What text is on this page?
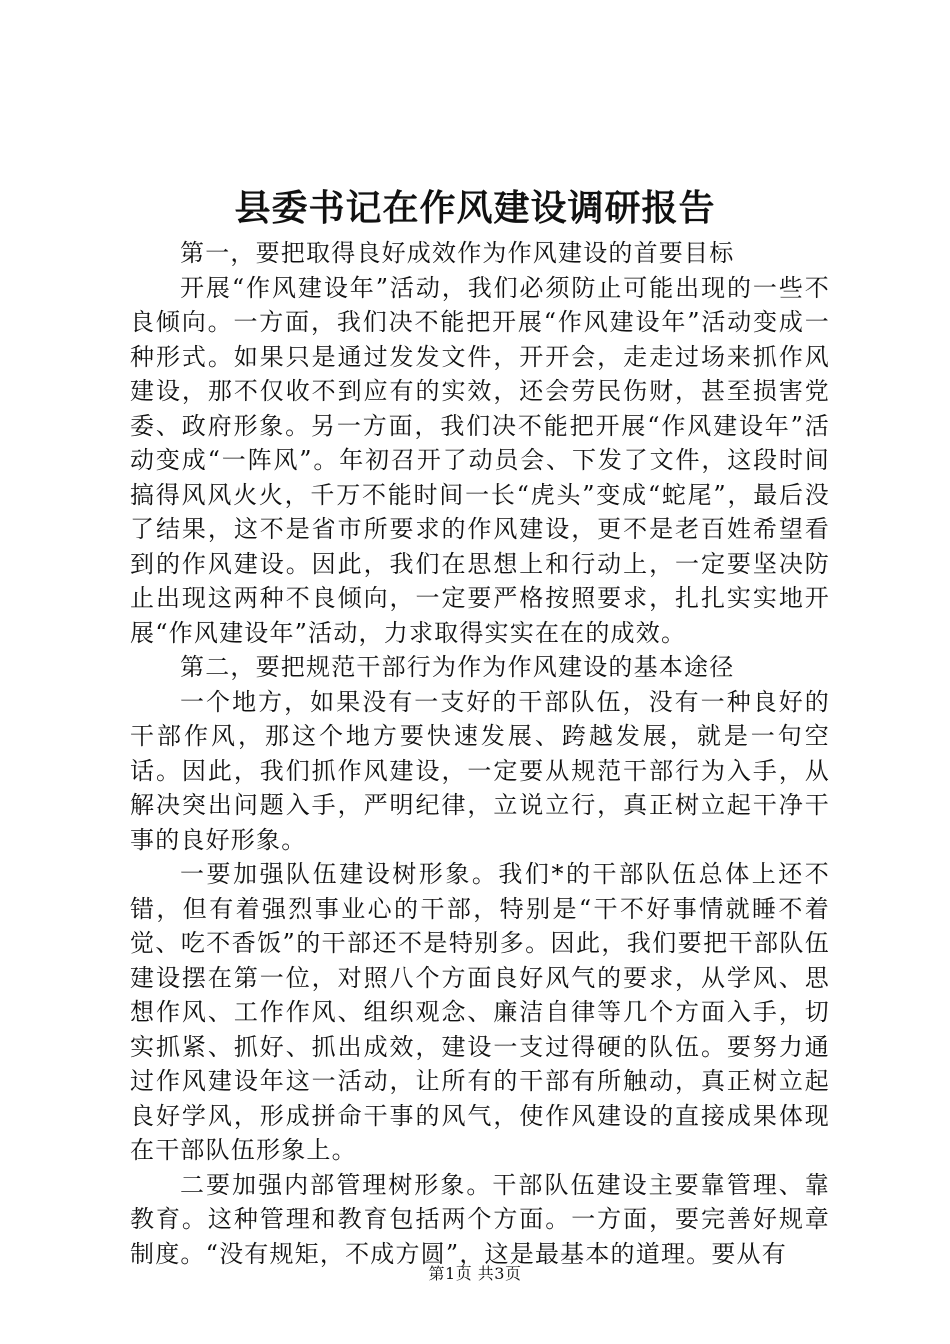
县委书记在作风建设调研报告

第一，要把取得良好成效作为作风建设的首要目标

开展“作风建设年”活动，我们必须防止可能出现的一些不良倾向。一方面，我们决不能把开展“作风建设年”活动变成一种形式。如果只是通过发发文件，开开会，走走过场来抓作风建设，那不仅收不到应有的实效，还会劳民伤财，甚至损害党委、政府形象。另一方面，我们决不能把开展“作风建设年”活动变成“一阵风”。年初召开了动员会、下发了文件，这段时间搞得风风火火，千万不能时间一长“虎头”变成“蛇尾”，最后没了结果，这不是省市所要求的作风建设，更不是老百姓希望看到的作风建设。因此，我们在思想上和行动上，一定要坚决防止出现这两种不良倾向，一定要严格按照要求，扎扎实实地开展“作风建设年”活动，力求取得实实在在的成效。

第二，要把规范干部行为作为作风建设的基本途径

一个地方，如果没有一支好的干部队伍，没有一种良好的干部作风，那这个地方要快速发展、跨越发展，就是一句空话。因此，我们抓作风建设，一定要从规范干部行为入手，从解决突出问题入手，严明纪律，立说立行，真正树立起干净干事的良好形象。

一要加强队伍建设树形象。我们*的干部队伍总体上还不错，但有着强烈事业心的干部，特别是“干不好事情就睡不着觉、吃不香饭”的干部还不是特别多。因此，我们要把干部队伍建设摆在第一位，对照八个方面良好风气的要求，从学风、思想作风、工作作风、组织观念、廉洁自律等几个方面入手，切实抓紧、抓好、抓出成效，建设一支过得硬的队伍。要努力通过作风建设年这一活动，让所有的干部有所触动，真正树立起良好学风，形成拼命干事的风气，使作风建设的直接成果体现在干部队伍形象上。

二要加强内部管理树形象。干部队伍建设主要靠管理、靠教育。这种管理和教育包括两个方面。一方面，要完善好规章制度。“没有规矩，不成方圆”，这是最基本的道理。要从有

第1页 共3页
